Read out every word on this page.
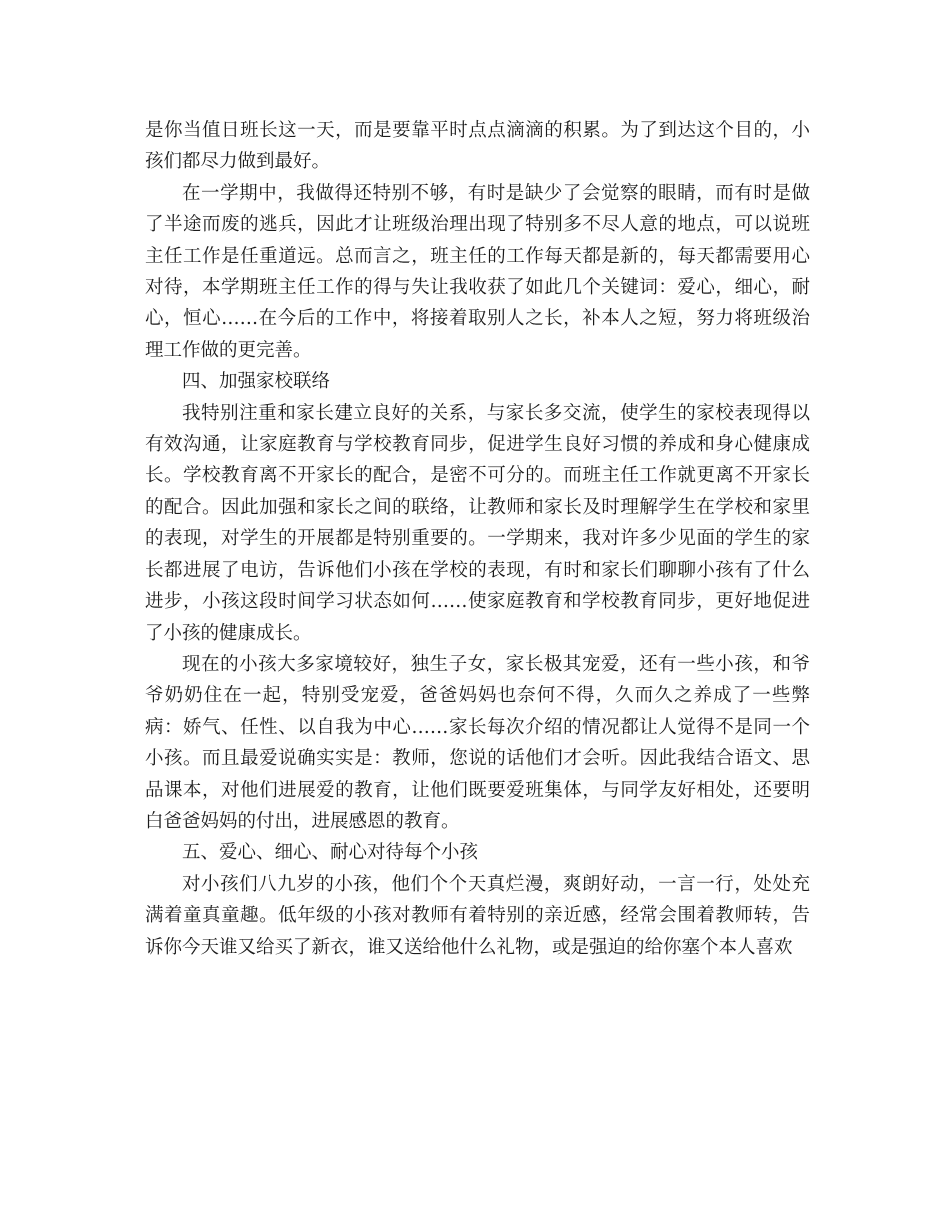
是你当值日班长这一天，而是要靠平时点点滴滴的积累。为了到达这个目的，小孩们都尽力做到最好。

在一学期中，我做得还特别不够，有时是缺少了会觉察的眼睛，而有时是做了半途而废的逃兵，因此才让班级治理出现了特别多不尽人意的地点，可以说班主任工作是任重道远。总而言之，班主任的工作每天都是新的，每天都需要用心对待，本学期班主任工作的得与失让我收获了如此几个关键词：爱心，细心，耐心，恒心……在今后的工作中，将接着取别人之长，补本人之短，努力将班级治理工作做的更完善。

四、加强家校联络

我特别注重和家长建立良好的关系，与家长多交流，使学生的家校表现得以有效沟通，让家庭教育与学校教育同步，促进学生良好习惯的养成和身心健康成长。学校教育离不开家长的配合，是密不可分的。而班主任工作就更离不开家长的配合。因此加强和家长之间的联络，让教师和家长及时理解学生在学校和家里的表现，对学生的开展都是特别重要的。一学期来，我对许多少见面的学生的家长都进展了电访，告诉他们小孩在学校的表现，有时和家长们聊聊小孩有了什么进步，小孩这段时间学习状态如何……使家庭教育和学校教育同步，更好地促进了小孩的健康成长。

现在的小孩大多家境较好，独生子女，家长极其宠爱，还有一些小孩，和爷爷奶奶住在一起，特别受宠爱，爸爸妈妈也奈何不得，久而久之养成了一些弊病：娇气、任性、以自我为中心……家长每次介绍的情况都让人觉得不是同一个小孩。而且最爱说确实实是：教师，您说的话他们才会听。因此我结合语文、思品课本，对他们进展爱的教育，让他们既要爱班集体，与同学友好相处，还要明白爸爸妈妈的付出，进展感恩的教育。

五、爱心、细心、耐心对待每个小孩

对小孩们八九岁的小孩，他们个个天真烂漫，爽朗好动，一言一行，处处充满着童真童趣。低年级的小孩对教师有着特别的亲近感，经常会围着教师转，告诉你今天谁又给买了新衣，谁又送给他什么礼物，或是强迫的给你塞个本人喜欢
